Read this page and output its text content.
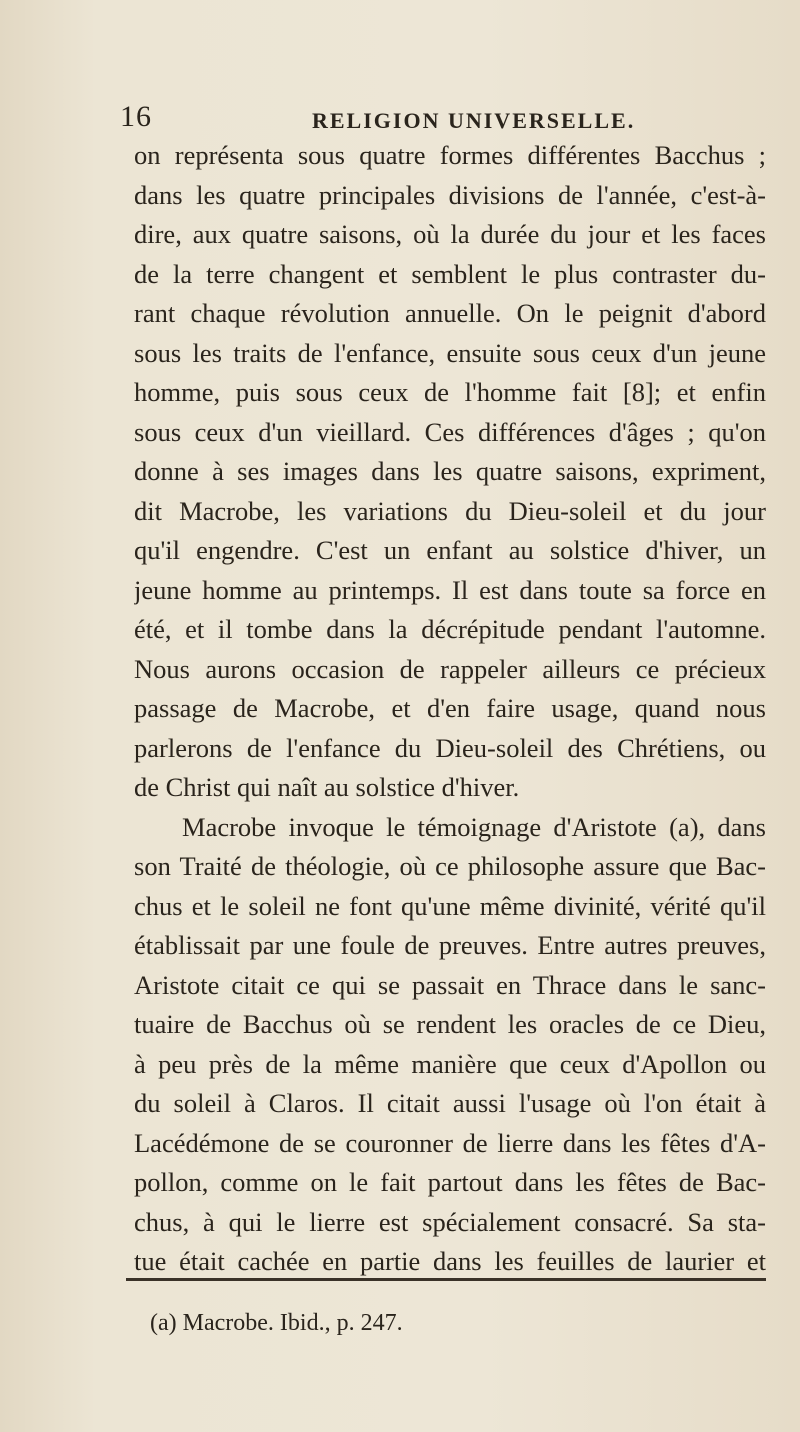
16	RELIGION UNIVERSELLE.
on représenta sous quatre formes différentes Bacchus ;
dans les quatre principales divisions de l'année, c'est-à-
dire, aux quatre saisons, où la durée du jour et les faces
de la terre changent et semblent le plus contraster du-
rant chaque révolution annuelle. On le peignit d'abord
sous les traits de l'enfance, ensuite sous ceux d'un jeune
homme, puis sous ceux de l'homme fait [8]; et enfin
sous ceux d'un vieillard. Ces différences d'âges ; qu'on
donne à ses images dans les quatre saisons, expriment,
dit Macrobe, les variations du Dieu-soleil et du jour
qu'il engendre. C'est un enfant au solstice d'hiver, un
jeune homme au printemps. Il est dans toute sa force en
été, et il tombe dans la décrépitude pendant l'automne.
Nous aurons occasion de rappeler ailleurs ce précieux
passage de Macrobe, et d'en faire usage, quand nous
parlerons de l'enfance du Dieu-soleil des Chrétiens, ou
de Christ qui naît au solstice d'hiver.
Macrobe invoque le témoignage d'Aristote (a), dans
son Traité de théologie, où ce philosophe assure que Bac-
chus et le soleil ne font qu'une même divinité, vérité qu'il
établissait par une foule de preuves. Entre autres preuves,
Aristote citait ce qui se passait en Thrace dans le sanc-
tuaire de Bacchus où se rendent les oracles de ce Dieu,
à peu près de la même manière que ceux d'Apollon ou
du soleil à Claros. Il citait aussi l'usage où l'on était à
Lacédémone de se couronner de lierre dans les fêtes d'A-
pollon, comme on le fait partout dans les fêtes de Bac-
chus, à qui le lierre est spécialement consacré. Sa sta-
tue était cachée en partie dans les feuilles de laurier et
(a) Macrobe. Ibid., p. 247.
